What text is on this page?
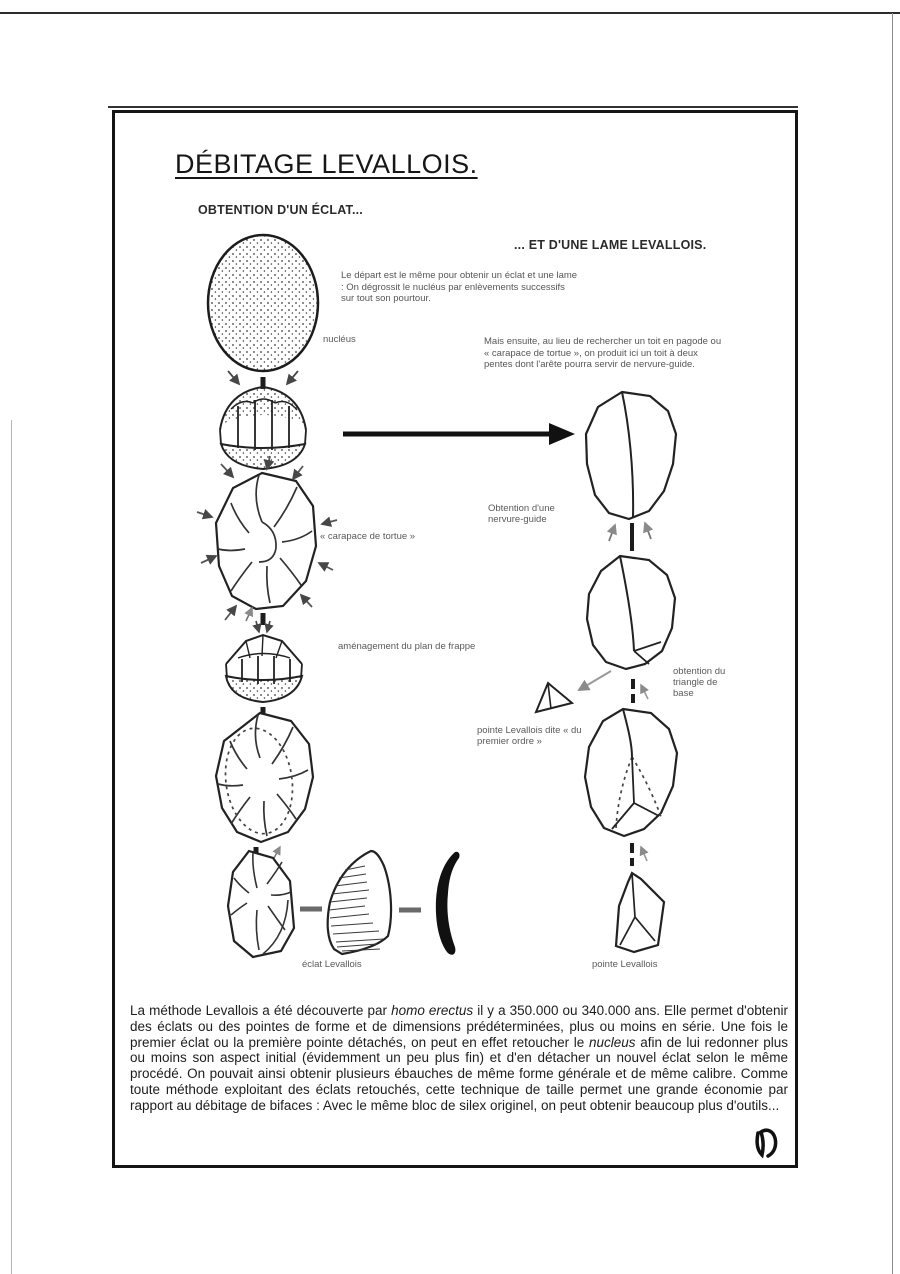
DÉBITAGE LEVALLOIS.
OBTENTION D'UN ÉCLAT...
... ET D'UNE LAME LEVALLOIS.
Le départ est le même pour obtenir un éclat et une lame : On dégrossit le nucléus par enlèvements successifs sur tout son pourtour.
Mais ensuite, au lieu de rechercher un toit en pagode ou « carapace de tortue », on produit ici un toit à deux pentes dont l'arête pourra servir de nervure-guide.
nucléus
« carapace de tortue »
Obtention d'une nervure-guide
aménagement du plan de frappe
obtention du triangle de base
pointe Levallois dite « du premier ordre »
éclat Levallois	pointe Levallois
La méthode Levallois a été découverte par homo erectus il y a 350.000 ou 340.000 ans. Elle permet d'obtenir des éclats ou des pointes de forme et de dimensions prédéterminées, plus ou moins en série. Une fois le premier éclat ou la première pointe détachés, on peut en effet retoucher le nucleus afin de lui redonner plus ou moins son aspect initial (évidemment un peu plus fin) et d'en détacher un nouvel éclat selon le même procédé. On pouvait ainsi obtenir plusieurs ébauches de même forme générale et de même calibre. Comme toute méthode exploitant des éclats retouchés, cette technique de taille permet une grande économie par rapport au débitage de bifaces : Avec le même bloc de silex originel, on peut obtenir beaucoup plus d'outils...
